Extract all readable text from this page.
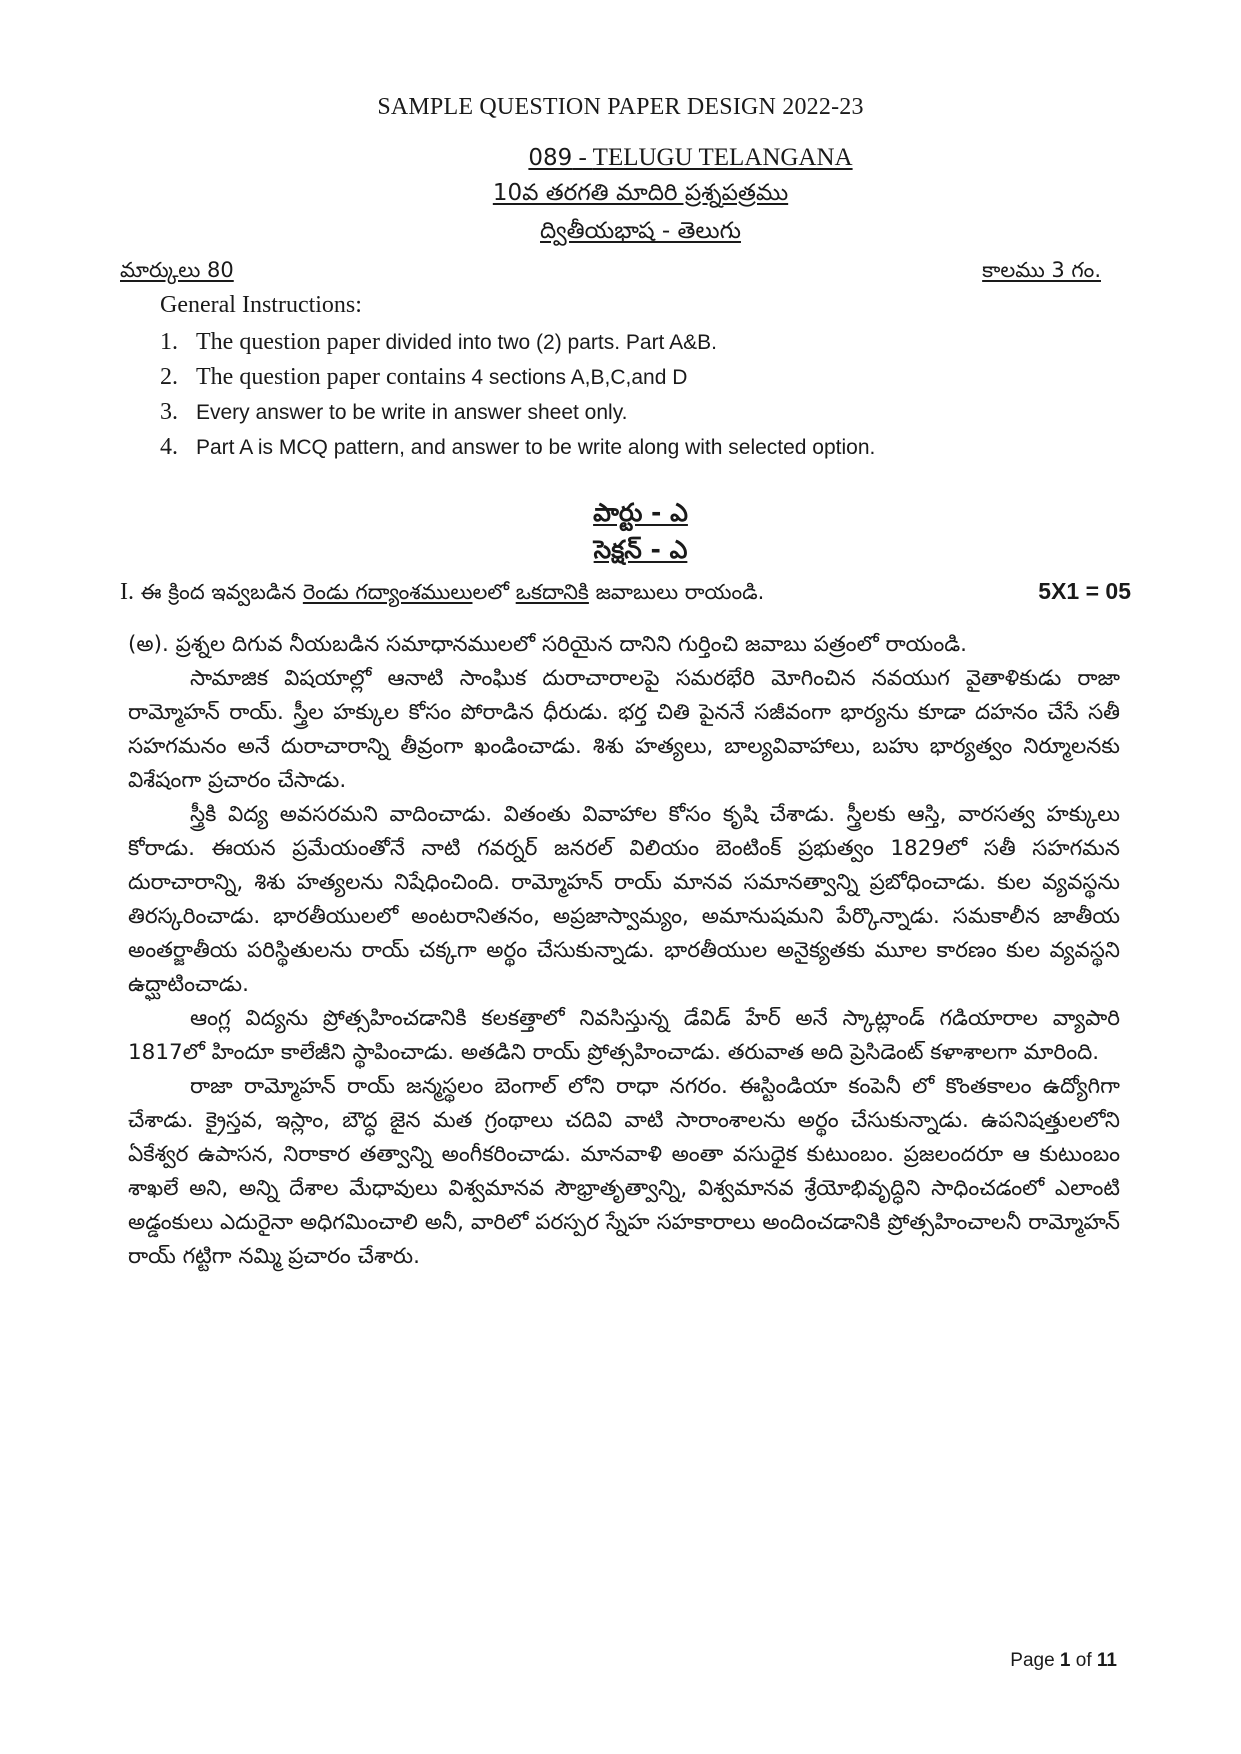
SAMPLE QUESTION PAPER DESIGN 2022-23
089 - TELUGU TELANGANA
10వ తరగతి మాదిరి ప్రశ్నపత్రము
ద్వితీయభాష - తెలుగు
మార్కులు 80	కాలము 3 గం.
General Instructions:
1. The question paper
divided into two (2) parts. Part A&B.
2. The question paper contains
4 sections A,B,C,and D
3. Every answer to be write in answer sheet only.
4. Part A is MCQ pattern, and answer to be write along with selected option.
పార్టు - ఎ
సెక్షన్ - ఎ
I. ఈ క్రింద ఇవ్వబడిన రెండు గద్యాంశములులలో ఒకదానికి జవాబులు రాయండి.	5X1 = 05

(అ). ప్రశ్నల దిగువ నీయబడిన సమాధానములలో సరియైన దానిని గుర్తించి జవాబు పత్రంలో రాయండి.

సామాజిక విషయాల్లో ఆనాటి సాంఘిక దురాచారాలపై సమరభేరి మోగించిన నవయుగ వైతాళికుడు రాజా రామ్మోహన్ రాయ్. స్త్రీల హక్కుల కోసం పోరాడిన ధీరుడు. భర్త చితి పైననే సజీవంగా భార్యను కూడా దహనం చేసే సతీ సహగమనం అనే దురాచారాన్ని తీవ్రంగా ఖండించాడు. శిశు హత్యలు, బాల్యవివాహాలు, బహు భార్యత్వం నిర్మూలనకు విశేషంగా ప్రచారం చేసాడు.

స్త్రీకి విద్య అవసరమని వాదించాడు. వితంతు వివాహాల కోసం కృషి చేశాడు. స్త్రీలకు ఆస్తి, వారసత్వ హక్కులు కోరాడు. ఈయన ప్రమేయంతోనే నాటి గవర్నర్ జనరల్ విలియం బెంటింక్ ప్రభుత్వం 1829లో సతీ సహగమన దురాచారాన్ని, శిశు హత్యలను నిషేధించింది. రామ్మోహన్ రాయ్ మానవ సమానత్వాన్ని ప్రబోధించాడు. కుల వ్యవస్థను తిరస్కరించాడు. భారతీయులలో అంటరానితనం, అప్రజాస్వామ్యం, అమానుషమని పేర్కొన్నాడు. సమకాలీన జాతీయ అంతర్జాతీయ పరిస్థితులను రాయ్ చక్కగా అర్థం చేసుకున్నాడు. భారతీయుల అనైక్యతకు మూల కారణం కుల వ్యవస్థని ఉద్ఘాటించాడు.

ఆంగ్ల విద్యను ప్రోత్సహించడానికి కలకత్తాలో నివసిస్తున్న డేవిడ్ హేర్ అనే స్కాట్లాండ్ గడియారాల వ్యాపారి 1817లో హిందూ కాలేజీని స్థాపించాడు. అతడిని రాయ్ ప్రోత్సహించాడు. తరువాత అది ప్రెసిడెంట్ కళాశాలగా మారింది.

రాజా రామ్మోహన్ రాయ్ జన్మస్థలం బెంగాల్ లోని రాధా నగరం. ఈస్టిండియా కంపెనీ లో కొంతకాలం ఉద్యోగిగా చేశాడు. క్రైస్తవ, ఇస్లాం, బౌద్ధ జైన మత గ్రంథాలు చదివి వాటి సారాంశాలను అర్థం చేసుకున్నాడు. ఉపనిషత్తులలోని ఏకేశ్వర ఉపాసన, నిరాకార తత్వాన్ని అంగీకరించాడు. మానవాళి అంతా వసుధైక కుటుంబం. ప్రజలందరూ ఆ కుటుంబం శాఖలే అని, అన్ని దేశాల మేధావులు విశ్వమానవ సౌభ్రాతృత్వాన్ని, విశ్వమానవ శ్రేయోభివృద్ధిని సాధించడంలో ఎలాంటి అడ్డంకులు ఎదురైనా అధిగమించాలి అనీ, వారిలో పరస్పర స్నేహ సహకారాలు అందించడానికి ప్రోత్సహించాలనీ రామ్మోహన్ రాయ్ గట్టిగా నమ్మి ప్రచారం చేశారు.

Page 1 of 11
